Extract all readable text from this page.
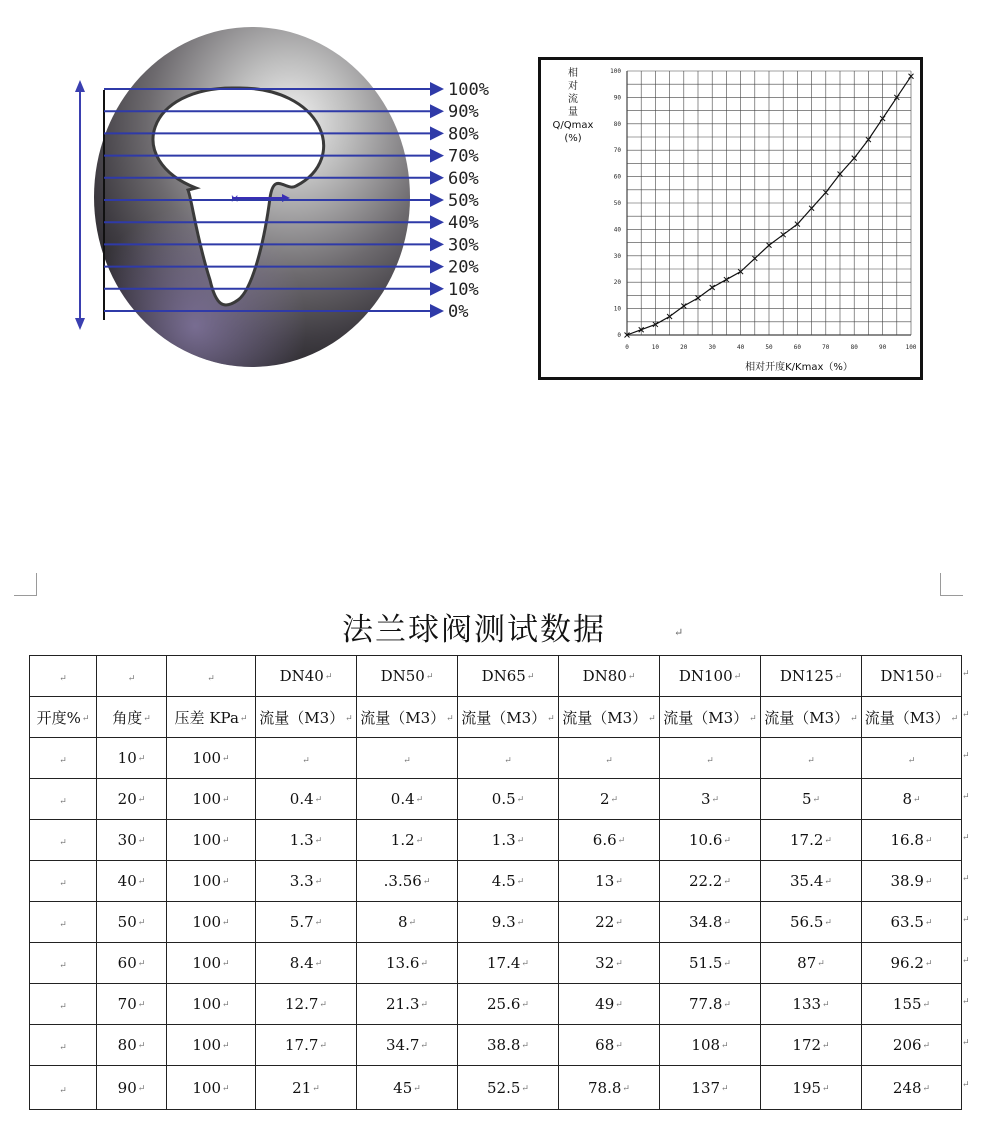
×
100%
90%
80%
70%
60%
50%
40%
30%
20%
10%
0%
0	10	20	30	40	50	60	70	80	90	100
0
10
20
30
40
50
60
70
80
90
100
相
对
流
量
Q/Qmax
(%)
相对开度K/Kmax（%）
法兰球阀测试数据	↵
↵	↵	↵	DN40↵	DN50↵	DN65↵	DN80↵	DN100↵	DN125↵	DN150↵
开度%↵	角度↵	压差 KPa↵	流量（M3）↵	流量（M3）↵	流量（M3）↵	流量（M3）↵	流量（M3）↵	流量（M3）↵	流量（M3）↵
↵	10↵	100↵	↵	↵	↵	↵	↵	↵	↵
↵	20↵	100↵	0.4↵	0.4↵	0.5↵	2↵	3↵	5↵	8↵
↵	30↵	100↵	1.3↵	1.2↵	1.3↵	6.6↵	10.6↵	17.2↵	16.8↵
↵	40↵	100↵	3.3↵	.3.56↵	4.5↵	13↵	22.2↵	35.4↵	38.9↵
↵	50↵	100↵	5.7↵	8↵	9.3↵	22↵	34.8↵	56.5↵	63.5↵
↵	60↵	100↵	8.4↵	13.6↵	17.4↵	32↵	51.5↵	87↵	96.2↵
↵	70↵	100↵	12.7↵	21.3↵	25.6↵	49↵	77.8↵	133↵	155↵
↵	80↵	100↵	17.7↵	34.7↵	38.8↵	68↵	108↵	172↵	206↵
↵	90↵	100↵	21↵	45↵	52.5↵	78.8↵	137↵	195↵	248↵
↵
↵
↵
↵
↵
↵
↵
↵
↵
↵
↵
